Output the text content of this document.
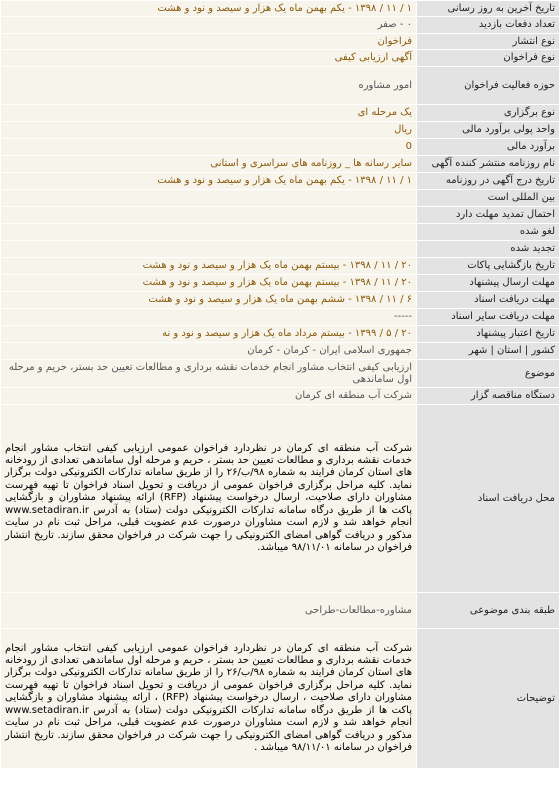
تاریخ آخرین به روز رسانی	۱ / ۱۱ / ۱۳۹۸ - یکم بهمن ماه یک هزار و سیصد و نود و هشت
تعداد دفعات بازدید	۰ - صفر
نوع انتشار	فراخوان
نوع فراخوان	آگهی ارزیابی کیفی
حوزه فعالیت فراخوان	امور مشاوره
نوع برگزاری	یک مرحله ای
واحد پولی برآورد مالی	ریال
برآورد مالی	0
نام روزنامه منتشر کننده آگهی	سایر رسانه ها _ روزنامه های سراسری و استانی
تاریخ درج آگهی در روزنامه	۱ / ۱۱ / ۱۳۹۸ - یکم بهمن ماه یک هزار و سیصد و نود و هشت
بین المللی است	
احتمال تمدید مهلت دارد	
لغو شده	
تجدید شده	
تاریخ بازگشایی پاکات	۲۰ / ۱۱ / ۱۳۹۸ - بیستم بهمن ماه یک هزار و سیصد و نود و هشت
مهلت ارسال پیشنهاد	۲۰ / ۱۱ / ۱۳۹۸ - بیستم بهمن ماه یک هزار و سیصد و نود و هشت
مهلت دریافت اسناد	۶ / ۱۱ / ۱۳۹۸ - ششم بهمن ماه یک هزار و سیصد و نود و هشت
مهلت دریافت سایر اسناد	-----
تاریخ اعتبار پیشنهاد	۲۰ / ۵ / ۱۳۹۹ - بیستم مرداد ماه یک هزار و سیصد و نود و نه
کشور | استان | شهر	جمهوری اسلامی ایران - کرمان - کرمان
موضوع	ارزیابی کیفی انتخاب مشاور انجام خدمات نقشه برداری و مطالعات تعیین حد بستر، حریم و مرحله اول ساماندهی
دستگاه مناقصه گزار	شرکت آب منطقه ای کرمان
محل دریافت اسناد	شرکت آب منطقه ای کرمان در نظردارد فراخوان عمومی ارزیابی کیفی انتخاب مشاور انجام خدمات نقشه برداری و مطالعات تعیین حد بستر ، حریم و مرحله اول ساماندهی تعدادی از رودخانه های استان کرمان فرایند به شماره ۹۸/ب/۲۶ را از طریق سامانه تدارکات الکترونیکی دولت برگزار نماید. کلیه مراحل برگزاری فراخوان عمومی از دریافت و تحویل اسناد فراخوان تا تهیه فهرست مشاوران دارای صلاحیت، ارسال درخواست پیشنهاد (RFP) ارائه پیشنهاد مشاوران و بازگشایی پاکت ها از طریق درگاه سامانه تدارکات الکترونیکی دولت (ستاد) به آدرس www.setadiran.ir انجام خواهد شد و لازم است مشاوران درصورت عدم عضویت قبلی، مراحل ثبت نام در سایت مذکور و دریافت گواهی امضای الکترونیکی را جهت شرکت در فراخوان محقق سازند. تاریخ انتشار فراخوان در سامانه ۹۸/۱۱/۰۱ میباشد.
طبقه بندی موضوعی	مشاوره-مطالعات-طراحی
توضیحات	شرکت آب منطقه ای کرمان در نظردارد فراخوان عمومی ارزیابی کیفی انتخاب مشاور انجام خدمات نقشه برداری و مطالعات تعیین حد بستر ، حریم و مرحله اول ساماندهی تعدادی از رودخانه های استان کرمان فرایند به شماره ۹۸/ب/۲۶ را از طریق سامانه تدارکات الکترونیکی دولت برگزار نماید. کلیه مراحل برگزاری فراخوان عمومی از دریافت و تحویل اسناد فراخوان تا تهیه فهرست مشاوران دارای صلاحیت ، ارسال درخواست پیشنهاد (RFP) ، ارائه پیشنهاد مشاوران و بازگشایی پاکت ها از طریق درگاه سامانه تدارکات الکترونیکی دولت (ستاد) به آدرس www.setadiran.ir انجام خواهد شد و لازم است مشاوران درصورت عدم عضویت قبلی، مراحل ثبت نام در سایت مذکور و دریافت گواهی امضای الکترونیکی را جهت شرکت در فراخوان محقق سازند. تاریخ انتشار فراخوان در سامانه ۹۸/۱۱/۰۱ میباشد .
